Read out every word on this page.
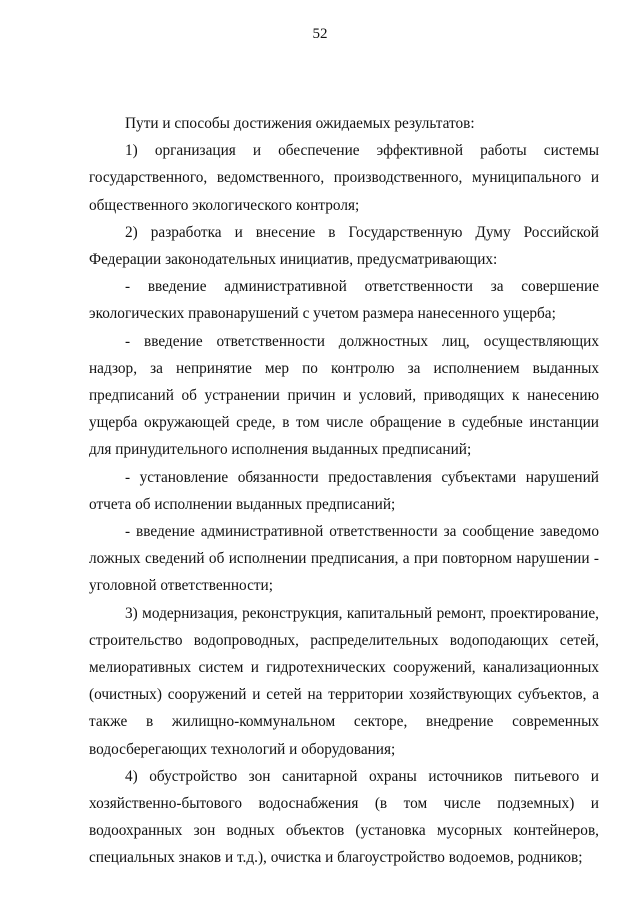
52

Пути и способы достижения ожидаемых результатов:

1) организация и обеспечение эффективной работы системы государственного, ведомственного, производственного, муниципального и общественного экологического контроля;

2) разработка и внесение в Государственную Думу Российской Федерации законодательных инициатив, предусматривающих:

- введение административной ответственности за совершение экологических правонарушений с учетом размера нанесенного ущерба;

- введение ответственности должностных лиц, осуществляющих надзор, за непринятие мер по контролю за исполнением выданных предписаний об устранении причин и условий, приводящих к нанесению ущерба окружающей среде, в том числе обращение в судебные инстанции для принудительного исполнения выданных предписаний;

- установление обязанности предоставления субъектами нарушений отчета об исполнении выданных предписаний;

- введение административной ответственности за сообщение заведомо ложных сведений об исполнении предписания, а при повторном нарушении - уголовной ответственности;

3) модернизация, реконструкция, капитальный ремонт, проектирование, строительство водопроводных, распределительных водоподающих сетей, мелиоративных систем и гидротехнических сооружений, канализационных (очистных) сооружений и сетей на территории хозяйствующих субъектов, а также в жилищно-коммунальном секторе, внедрение современных водосберегающих технологий и оборудования;

4) обустройство зон санитарной охраны источников питьевого и хозяйственно-бытового водоснабжения (в том числе подземных) и водоохранных зон водных объектов (установка мусорных контейнеров, специальных знаков и т.д.), очистка и благоустройство водоемов, родников;
